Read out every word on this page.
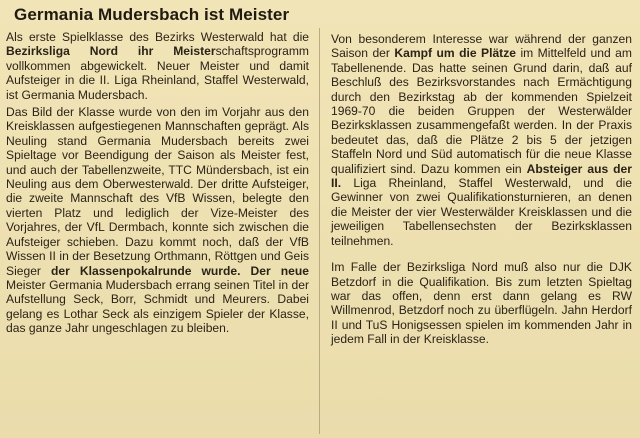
Germania Mudersbach ist Meister

Als erste Spielklasse des Bezirks Westerwald hat die Bezirksliga Nord ihr Meisterschaftsprogramm vollkommen abgewickelt. Neuer Meister und damit Aufsteiger in die II. Liga Rheinland, Staffel Westerwald, ist Germania Mudersbach.

Das Bild der Klasse wurde von den im Vorjahr aus den Kreisklassen aufgestiegenen Mannschaften geprägt. Als Neuling stand Germania Mudersbach bereits zwei Spieltage vor Beendigung der Saison als Meister fest, und auch der Tabellenzweite, TTC Mündersbach, ist ein Neuling aus dem Oberwesterwald. Der dritte Aufsteiger, die zweite Mannschaft des VfB Wissen, belegte den vierten Platz und lediglich der Vize-Meister des Vorjahres, der VfL Dermbach, konnte sich zwischen die Aufsteiger schieben. Dazu kommt noch, daß der VfB Wissen II in der Besetzung Orthmann, Röttgen und Geis Sieger der Klassenpokalrunde wurde. Der neue Meister Germania Mudersbach errang seinen Titel in der Aufstellung Seck, Borr, Schmidt und Meurers. Dabei gelang es Lothar Seck als einzigem Spieler der Klasse, das ganze Jahr ungeschlagen zu bleiben.

Von besonderem Interesse war während der ganzen Saison der Kampf um die Plätze im Mittelfeld und am Tabellenende. Das hatte seinen Grund darin, daß auf Beschluß des Bezirksvorstandes nach Ermächtigung durch den Bezirkstag ab der kommenden Spielzeit 1969-70 die beiden Gruppen der Westerwälder Bezirksklassen zusammengefaßt werden. In der Praxis bedeutet das, daß die Plätze 2 bis 5 der jetzigen Staffeln Nord und Süd automatisch für die neue Klasse qualifiziert sind. Dazu kommen ein Absteiger aus der II. Liga Rheinland, Staffel Westerwald, und die Gewinner von zwei Qualifikationsturnieren, an denen die Meister der vier Westerwälder Kreisklassen und die jeweiligen Tabellensechsten der Bezirksklassen teilnehmen.

Im Falle der Bezirksliga Nord muß also nur die DJK Betzdorf in die Qualifikation. Bis zum letzten Spieltag war das offen, denn erst dann gelang es RW Willmenrod, Betzdorf noch zu überflügeln. Jahn Herdorf II und TuS Honigsessen spielen im kommenden Jahr in jedem Fall in der Kreisklasse.
